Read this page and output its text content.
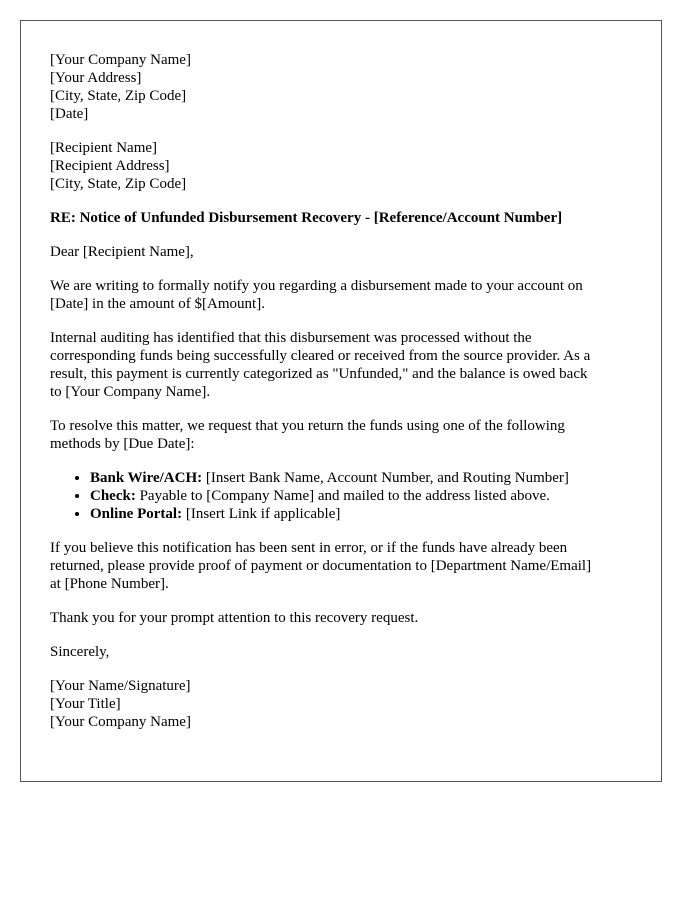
[Your Company Name]
[Your Address]
[City, State, Zip Code]
[Date]
[Recipient Name]
[Recipient Address]
[City, State, Zip Code]

RE: Notice of Unfunded Disbursement Recovery - [Reference/Account Number]

Dear [Recipient Name],

We are writing to formally notify you regarding a disbursement made to your account on
[Date] in the amount of $[Amount].

Internal auditing has identified that this disbursement was processed without the
corresponding funds being successfully cleared or received from the source provider. As a
result, this payment is currently categorized as "Unfunded," and the balance is owed back
to [Your Company Name].

To resolve this matter, we request that you return the funds using one of the following
methods by [Due Date]:

• Bank Wire/ACH: [Insert Bank Name, Account Number, and Routing Number]
• Check: Payable to [Company Name] and mailed to the address listed above.
• Online Portal: [Insert Link if applicable]

If you believe this notification has been sent in error, or if the funds have already been
returned, please provide proof of payment or documentation to [Department Name/Email]
at [Phone Number].

Thank you for your prompt attention to this recovery request.

Sincerely,

[Your Name/Signature]
[Your Title]
[Your Company Name]
